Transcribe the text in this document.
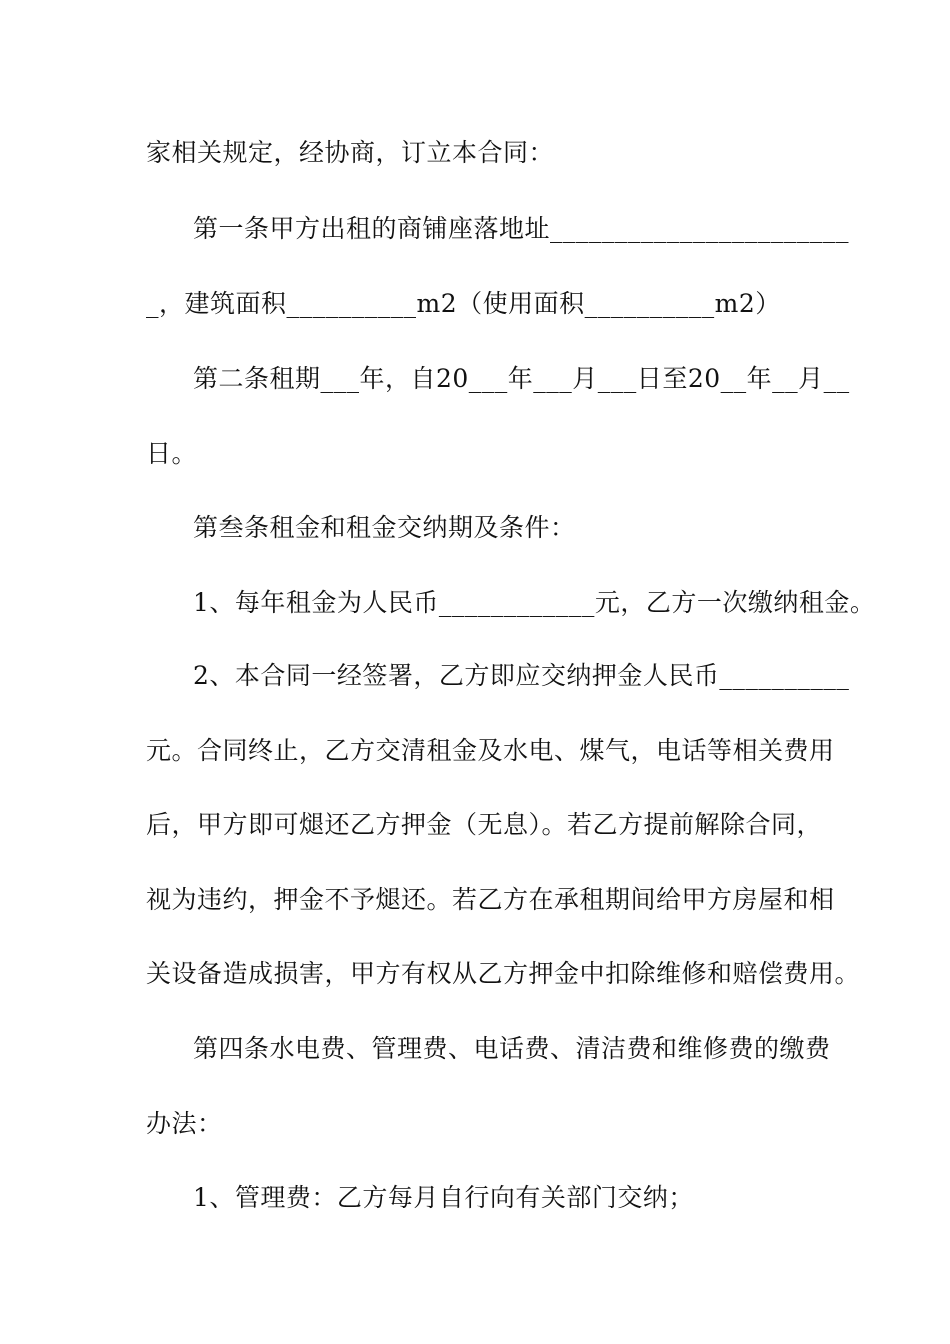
家相关规定，经协商，订立本合同：
第一条甲方出租的商铺座落地址_______________________
_，建筑面积__________m2（使用面积__________m2）
第二条租期___年，自20___年___月___日至20__年__月__
日。
第叁条租金和租金交纳期及条件：
1、每年租金为人民币____________元，乙方一次缴纳租金。
2、本合同一经签署，乙方即应交纳押金人民币__________
元。合同终止，乙方交清租金及水电、煤气，电话等相关费用
后，甲方即可煺还乙方押金（无息）。若乙方提前解除合同，
视为违约，押金不予煺还。若乙方在承租期间给甲方房屋和相
关设备造成损害，甲方有权从乙方押金中扣除维修和赔偿费用。
第四条水电费、管理费、电话费、清洁费和维修费的缴费
办法：
1、管理费：乙方每月自行向有关部门交纳；
